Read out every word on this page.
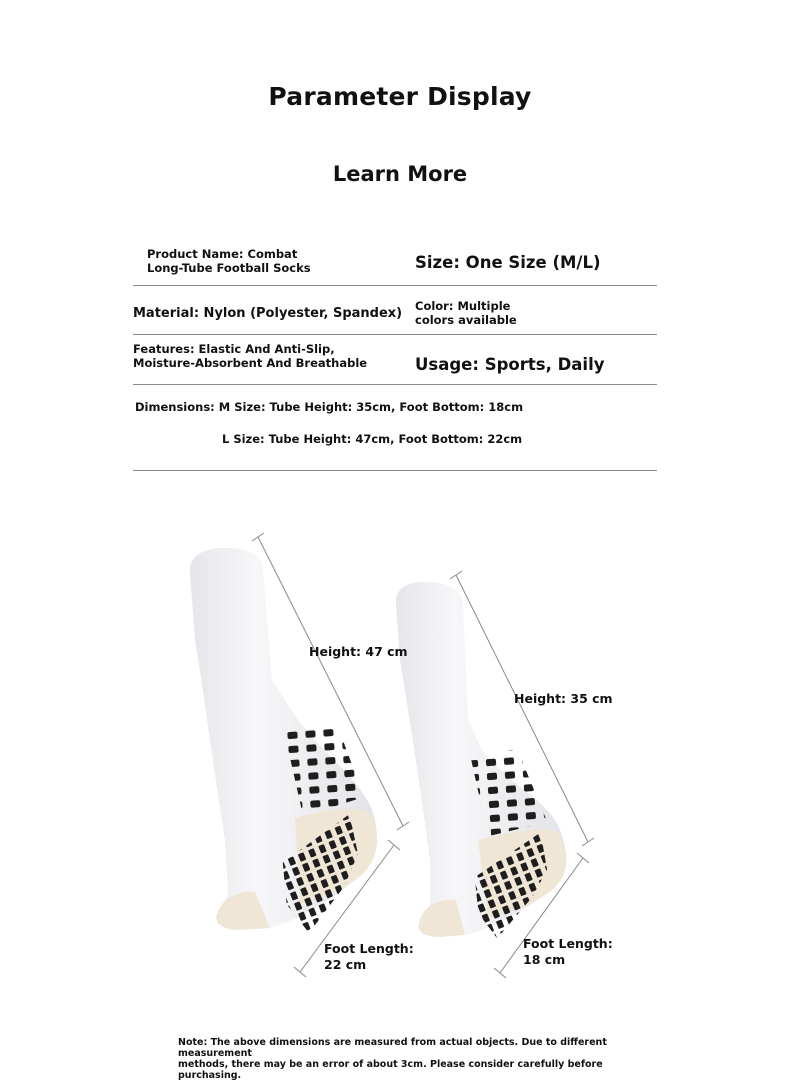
Parameter Display
Learn More
Product Name: Combat
Long-Tube Football Socks	Size: One Size (M/L)
Material: Nylon (Polyester, Spandex) Color: Multiple
colors available
Features: Elastic And Anti-Slip,
Moisture-Absorbent And Breathable	Usage: Sports, Daily
Dimensions: M Size: Tube Height: 35cm, Foot Bottom: 18cm
L Size: Tube Height: 47cm, Foot Bottom: 22cm
Height: 47 cm
Height: 35 cm
Foot Length:
22 cm
Foot Length:
18 cm
Note: The above dimensions are measured from actual objects. Due to different measurement
methods, there may be an error of about 3cm. Please consider carefully before purchasing.
